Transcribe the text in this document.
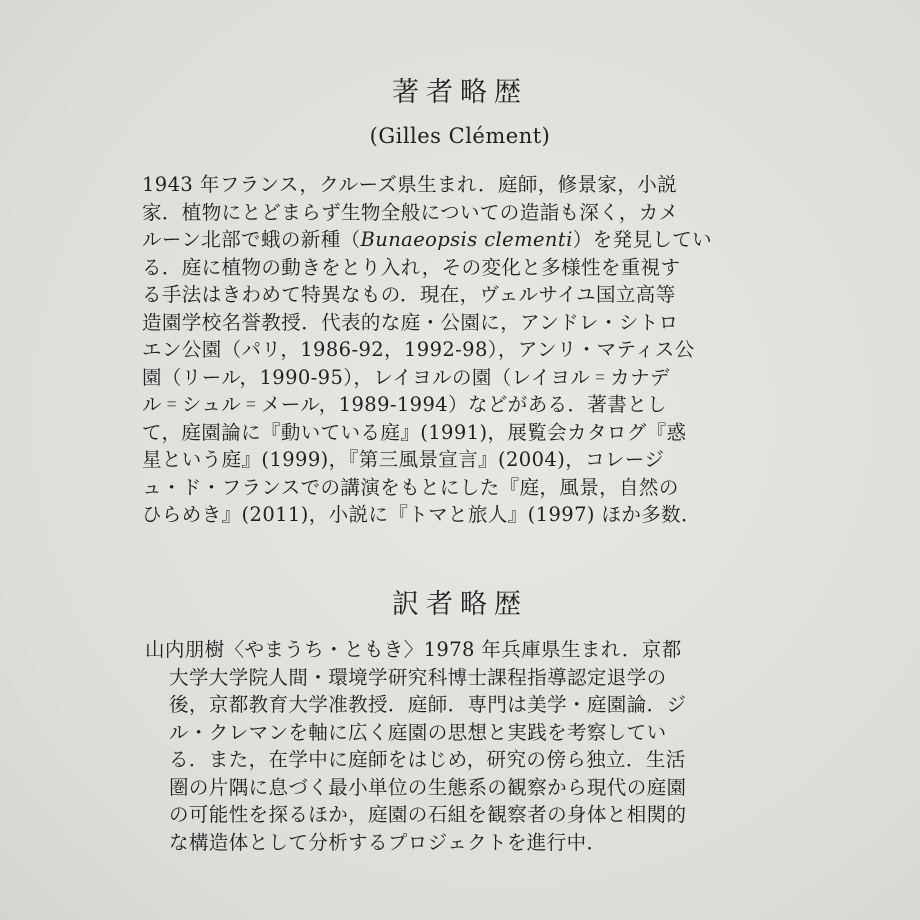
著者略歴
(Gilles Clément)
1943 年フランス，クルーズ県生まれ．庭師，修景家，小説
家．植物にとどまらず生物全般についての造詣も深く，カメ
ルーン北部で蛾の新種（Bunaeopsis clementi）を発見してい
る．庭に植物の動きをとり入れ，その変化と多様性を重視す
る手法はきわめて特異なもの．現在，ヴェルサイユ国立高等
造園学校名誉教授．代表的な庭・公園に，アンドレ・シトロ
エン公園（パリ，1986-92，1992-98），アンリ・マティス公
園（リール，1990-95），レイヨルの園（レイヨル゠カナデ
ル゠シュル゠メール，1989-1994）などがある．著書とし
て，庭園論に『動いている庭』(1991)，展覧会カタログ『惑
星という庭』(1999)，『第三風景宣言』(2004)，コレージ
ュ・ド・フランスでの講演をもとにした『庭，風景，自然の
ひらめき』(2011)，小説に『トマと旅人』(1997) ほか多数．
訳者略歴
山内朋樹〈やまうち・ともき〉1978 年兵庫県生まれ．京都
大学大学院人間・環境学研究科博士課程指導認定退学の
後，京都教育大学准教授．庭師．専門は美学・庭園論．ジ
ル・クレマンを軸に広く庭園の思想と実践を考察してい
る．また，在学中に庭師をはじめ，研究の傍ら独立．生活
圏の片隅に息づく最小単位の生態系の観察から現代の庭園
の可能性を探るほか，庭園の石組を観察者の身体と相関的
な構造体として分析するプロジェクトを進行中．
